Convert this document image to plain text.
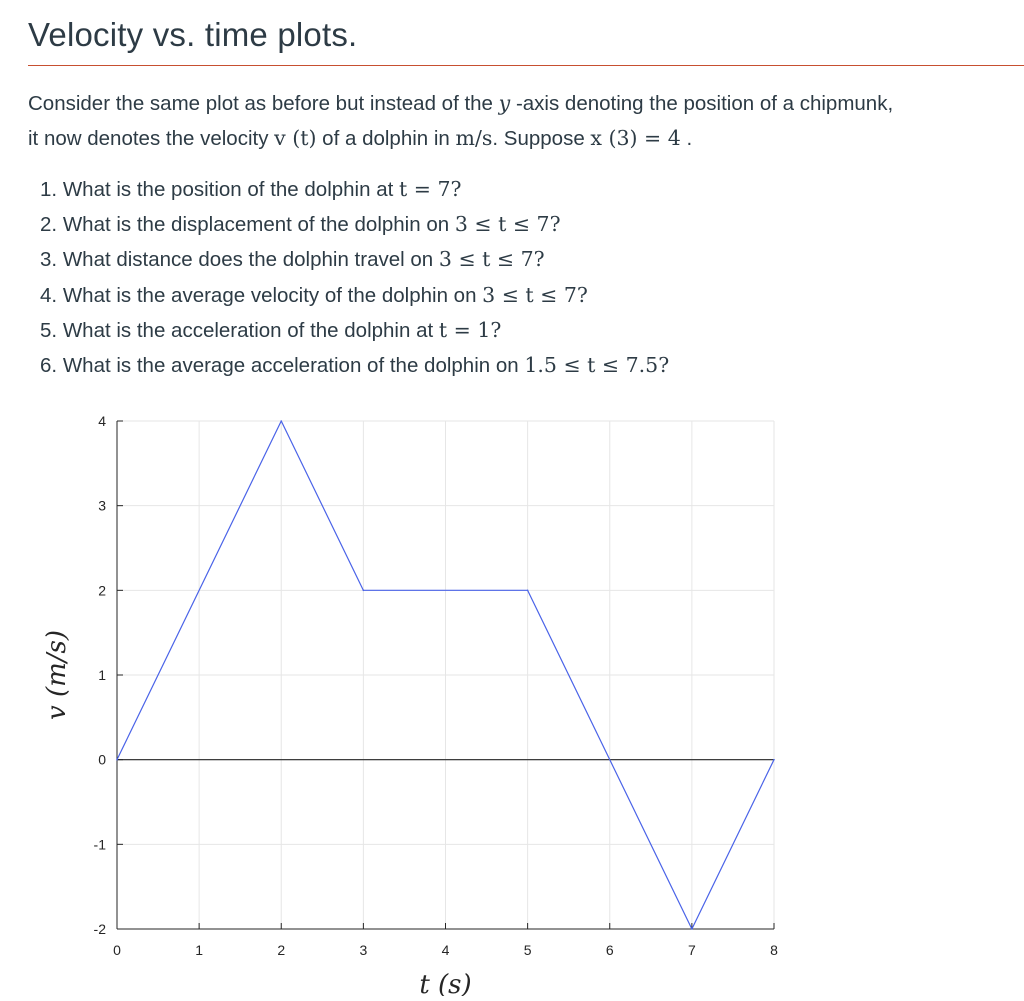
Velocity vs. time plots.

Consider the same plot as before but instead of the y -axis denoting the position of a chipmunk,

it now denotes the velocity v (t) of a dolphin in m/s. Suppose x (3) = 4 .

1. What is the position of the dolphin at t = 7?
2. What is the displacement of the dolphin on 3 ≤ t ≤ 7?
3. What distance does the dolphin travel on 3 ≤ t ≤ 7?
4. What is the average velocity of the dolphin on 3 ≤ t ≤ 7?
5. What is the acceleration of the dolphin at t = 1?
6. What is the average acceleration of the dolphin on 1.5 ≤ t ≤ 7.5?
0	1	2	3	4	5	6	7	8
-2
-1
0
1
2
3
4
t (s)
v (m/s)
